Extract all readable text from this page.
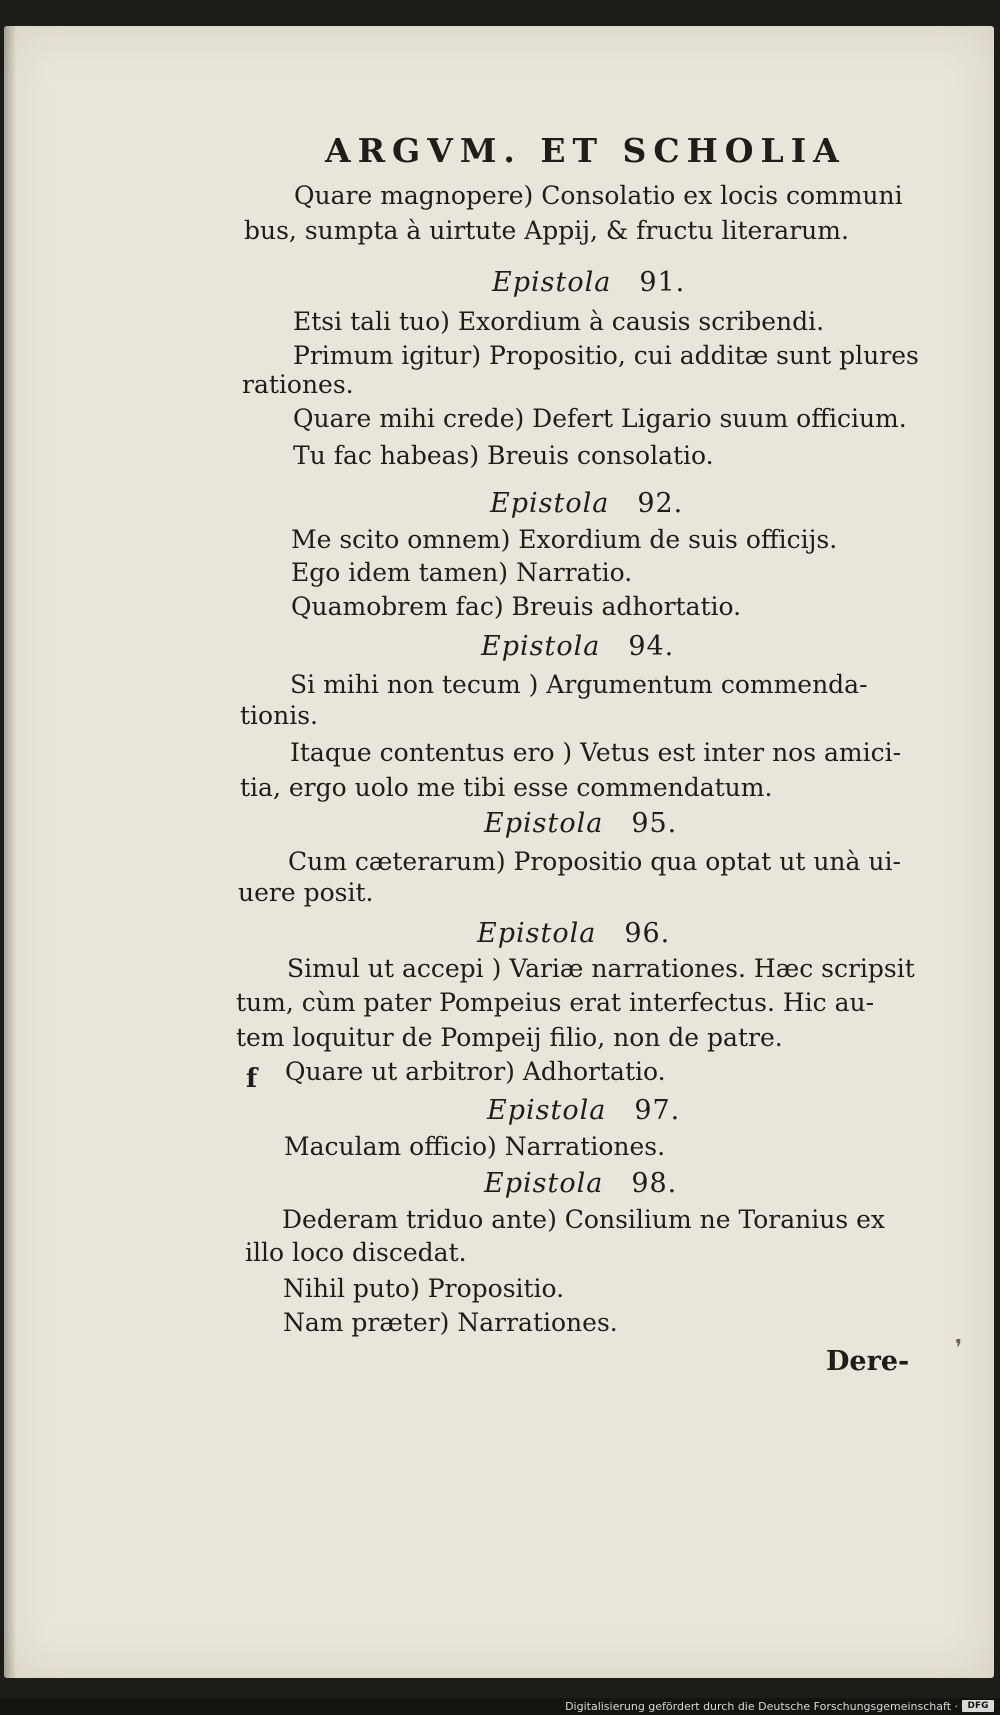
ARGVM. ET SCHOLIA
Quare magnopere) Consolatio ex locis communi
bus, sumpta à uirtute Appij, & fructu literarum.
Epistola 91.
Etsi tali tuo) Exordium à causis scribendi.
Primum igitur) Propositio, cui additæ sunt plures
rationes.
Quare mihi crede) Defert Ligario suum officium.
Tu fac habeas) Breuis consolatio.
Epistola 92.
Me scito omnem) Exordium de suis officijs.
Ego idem tamen) Narratio.
Quamobrem fac) Breuis adhortatio.
Epistola 94.
Si mihi non tecum ) Argumentum commenda-
tionis.
Itaque contentus ero ) Vetus est inter nos amici-
tia, ergo uolo me tibi esse commendatum.
Epistola 95.
Cum cæterarum) Propositio qua optat ut unà ui-
uere posit.
Epistola 96.
Simul ut accepi ) Variæ narrationes. Hæc scripsit
tum, cùm pater Pompeius erat interfectus. Hic au-
tem loquitur de Pompeij filio, non de patre.
Quare ut arbitror) Adhortatio.
Epistola 97.
Maculam officio) Narrationes.
Epistola 98.
Dederam triduo ante) Consilium ne Toranius ex
illo loco discedat.
Nihil puto) Propositio.
Nam præter) Narrationes.
f
Dere- ❜
Digitalisierung gefördert durch die Deutsche Forschungsgemeinschaft ·	DFG
